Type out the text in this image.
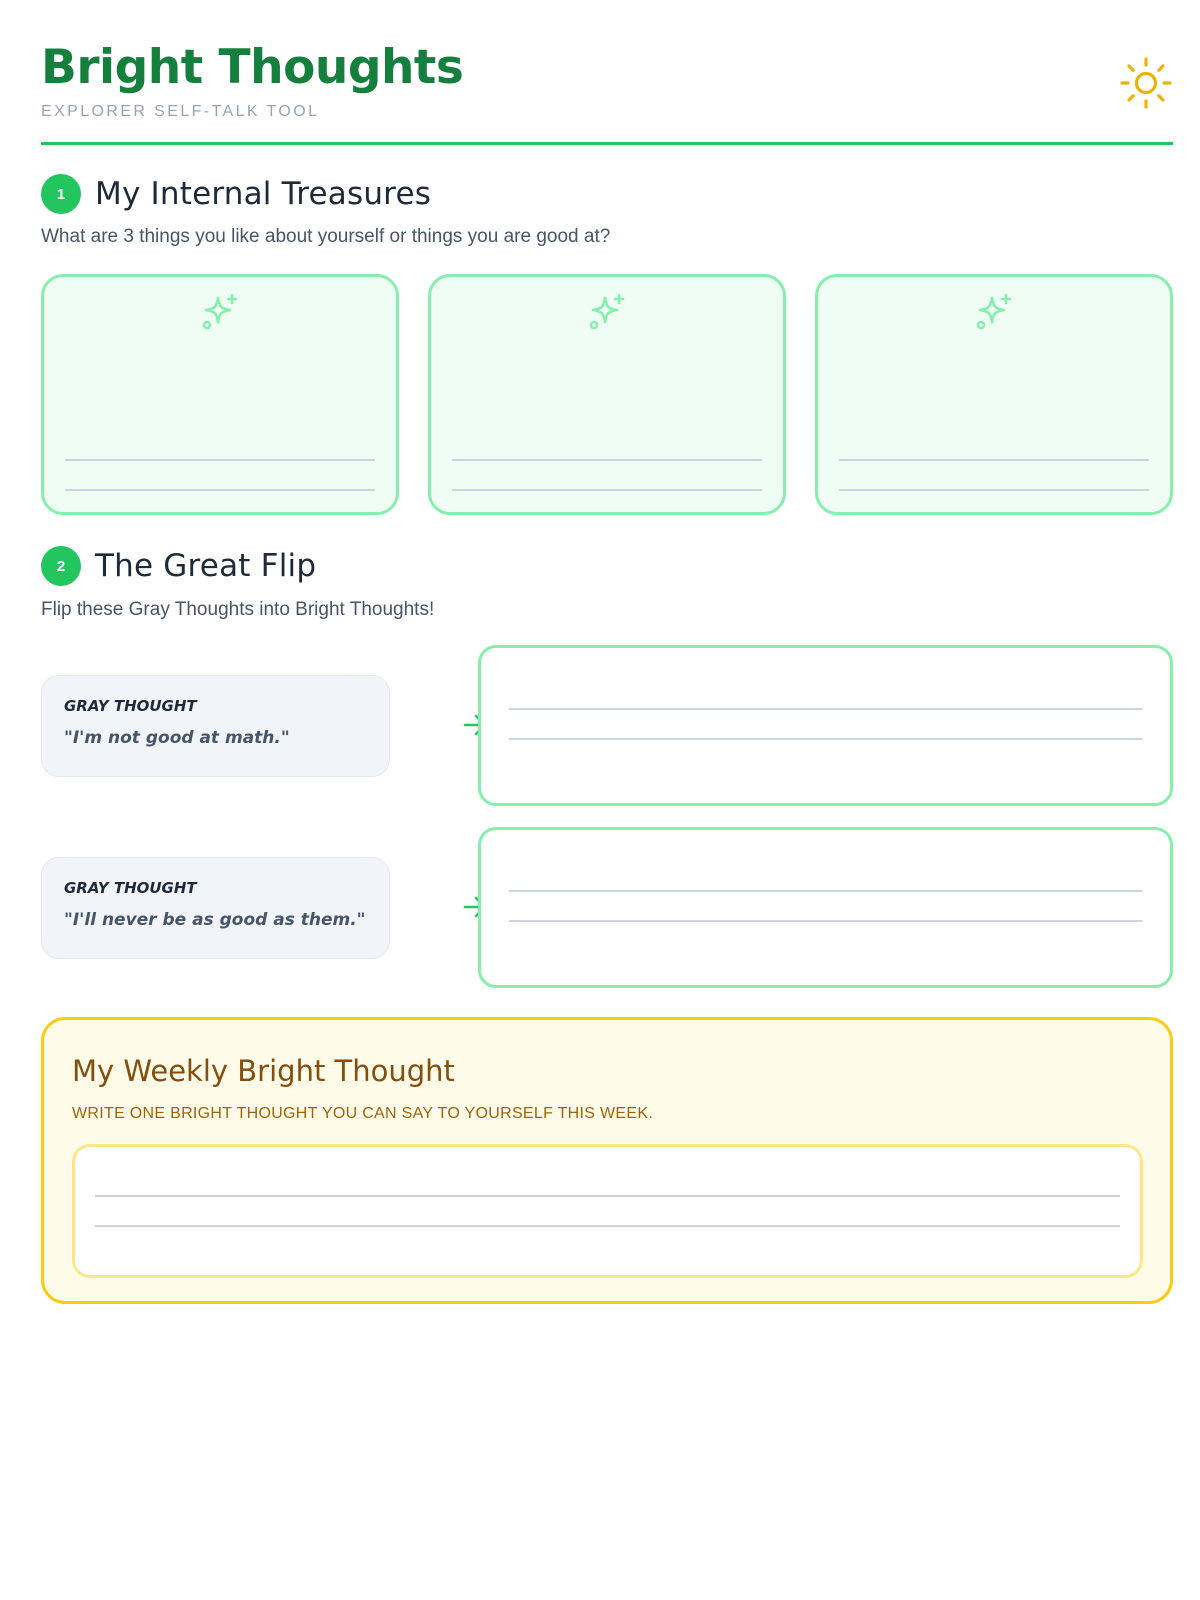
Bright Thoughts
EXPLORER SELF-TALK TOOL
1 My Internal Treasures
What are 3 things you like about yourself or things you are good at?
2 The Great Flip
Flip these Gray Thoughts into Bright Thoughts!
GRAY THOUGHT
"I'm not good at math."
GRAY THOUGHT
"I'll never be as good as them."
My Weekly Bright Thought
WRITE ONE BRIGHT THOUGHT YOU CAN SAY TO YOURSELF THIS WEEK.
